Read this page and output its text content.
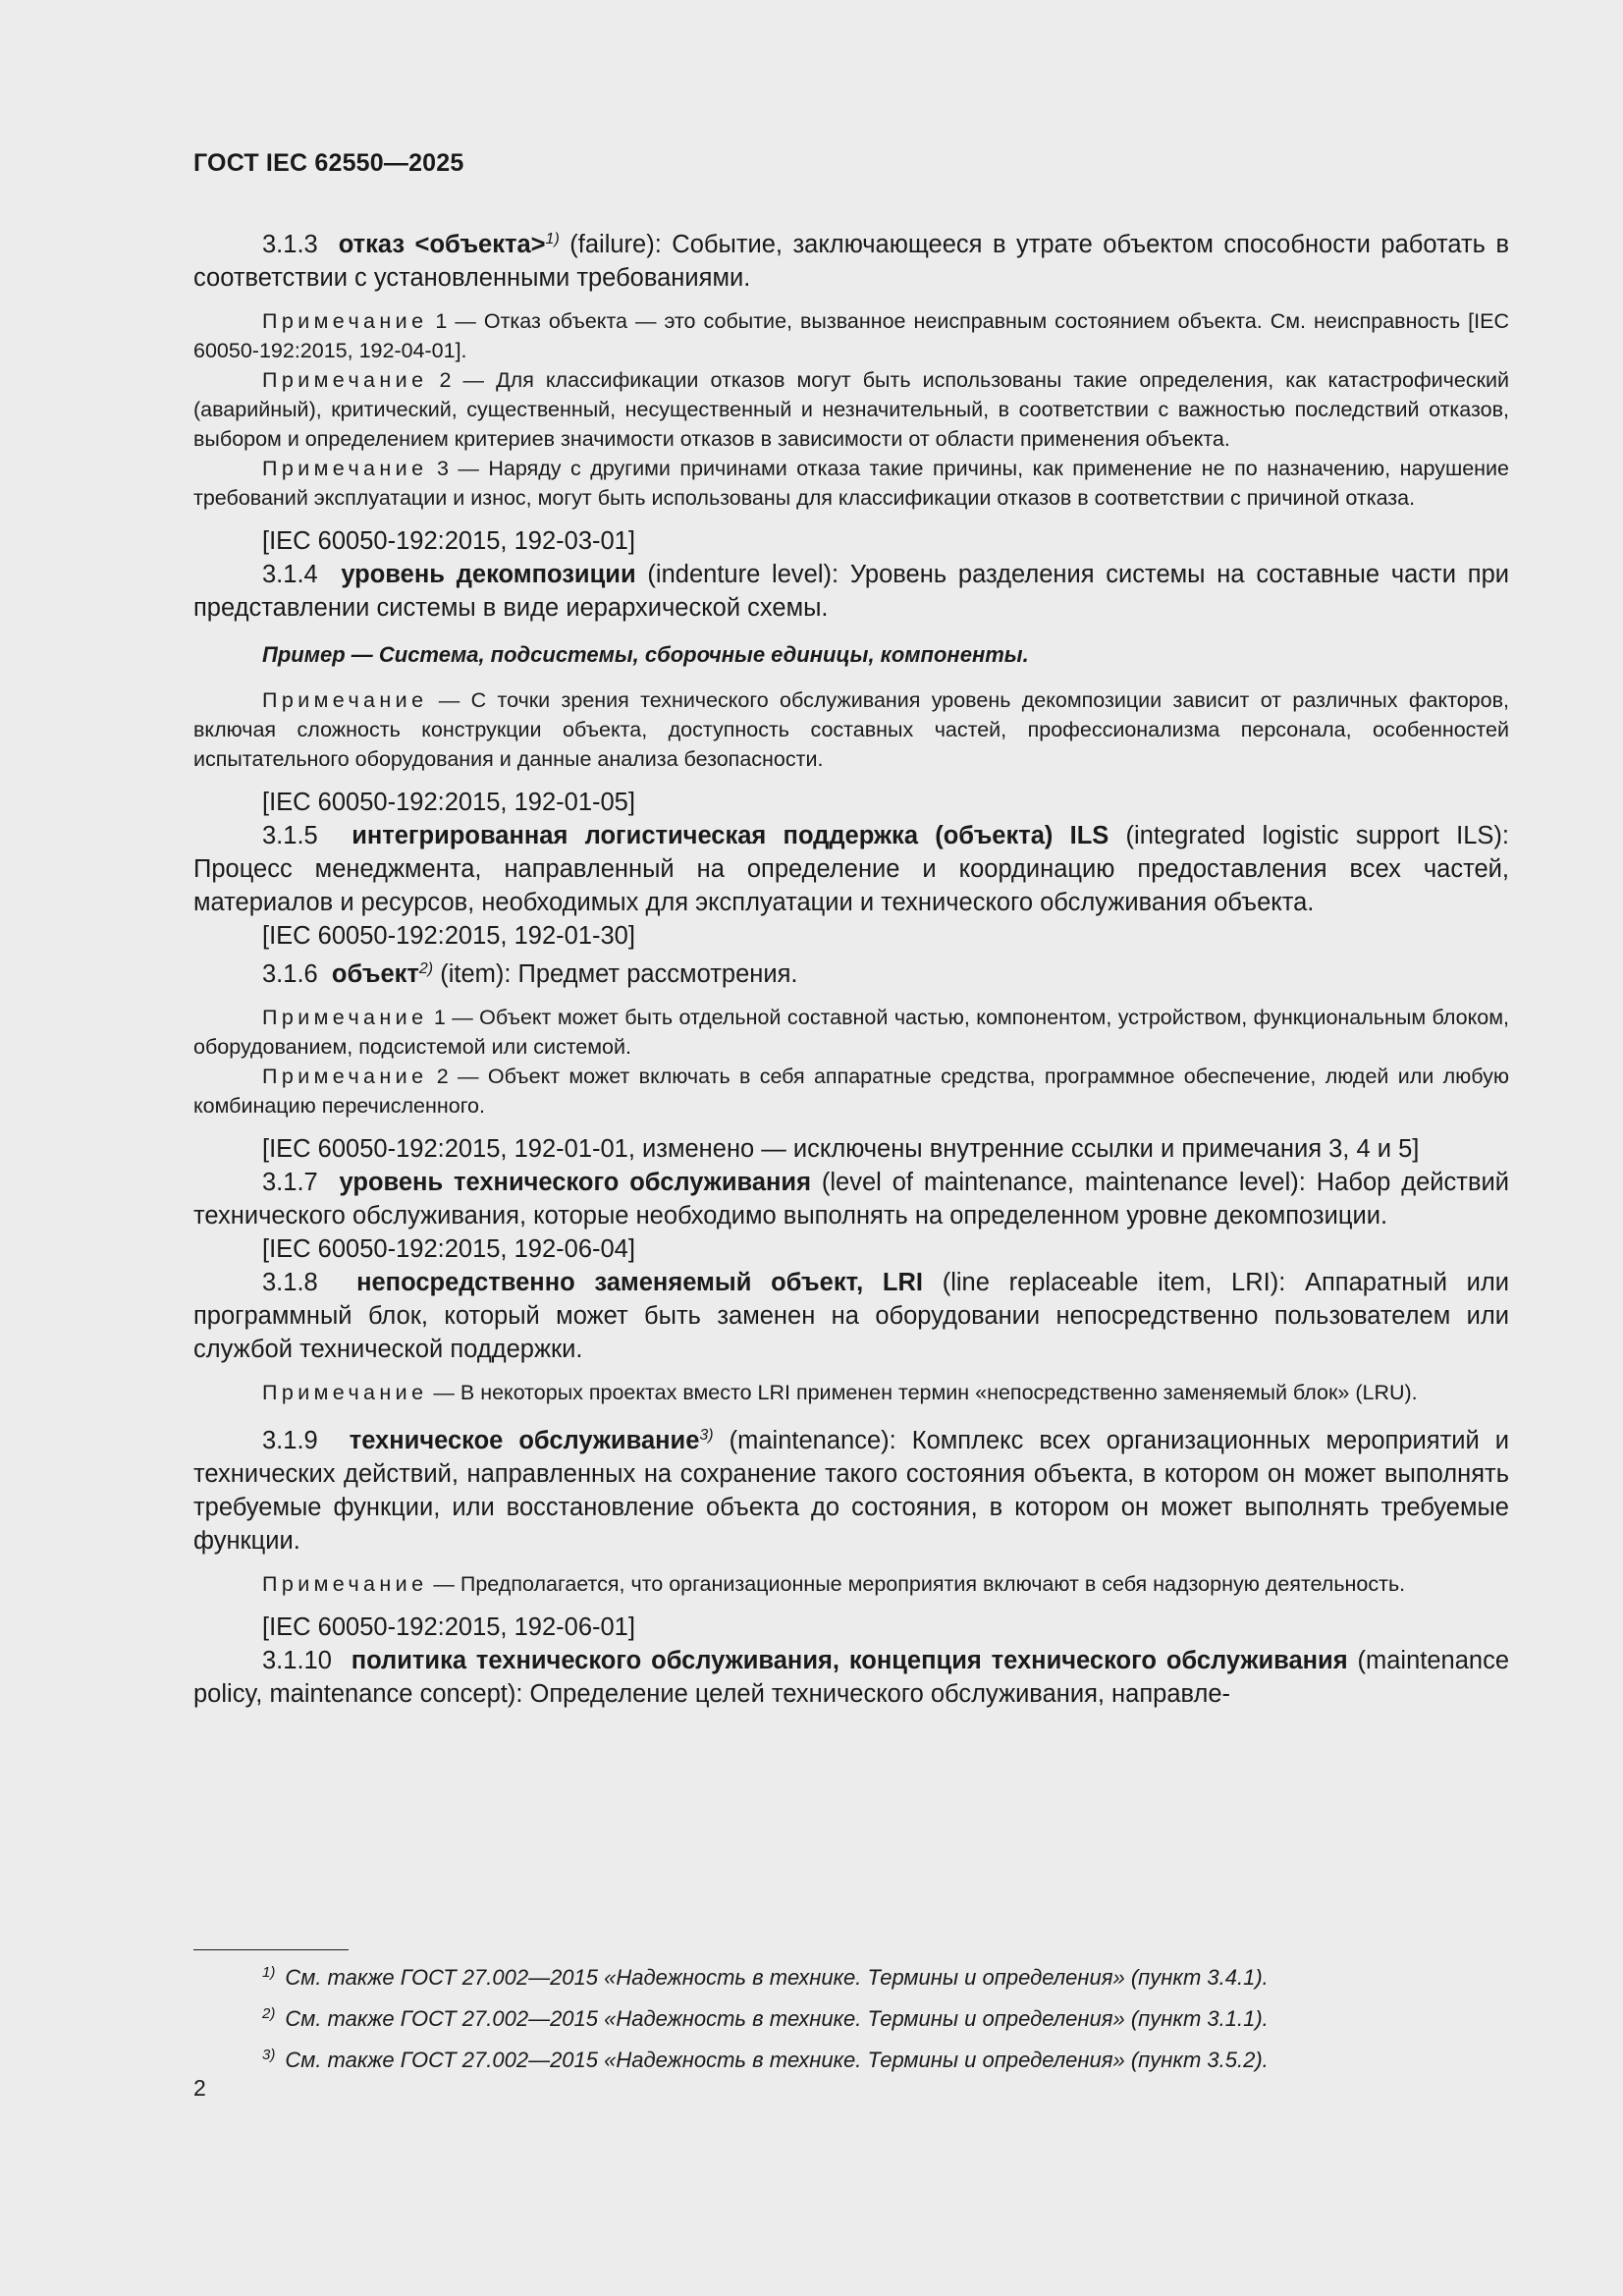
ГОСТ IEC 62550—2025

3.1.3 отказ <объекта>$^{1)}$ (failure): Событие, заключающееся в утрате объектом способности работать в соответствии с установленными требованиями.

Примечание 1 — Отказ объекта — это событие, вызванное неисправным состоянием объекта. См. неисправность [IEC 60050-192:2015, 192-04-01].

Примечание 2 — Для классификации отказов могут быть использованы такие определения, как катастрофический (аварийный), критический, существенный, несущественный и незначительный, в соответствии с важностью последствий отказов, выбором и определением критериев значимости отказов в зависимости от области применения объекта.

Примечание 3 — Наряду с другими причинами отказа такие причины, как применение не по назначению, нарушение требований эксплуатации и износ, могут быть использованы для классификации отказов в соответствии с причиной отказа.

[IEC 60050-192:2015, 192-03-01]

3.1.4 уровень декомпозиции (indenture level): Уровень разделения системы на составные части при представлении системы в виде иерархической схемы.

Пример — Система, подсистемы, сборочные единицы, компоненты.

Примечание — С точки зрения технического обслуживания уровень декомпозиции зависит от различных факторов, включая сложность конструкции объекта, доступность составных частей, профессионализма персонала, особенностей испытательного оборудования и данные анализа безопасности.

[IEC 60050-192:2015, 192-01-05]

3.1.5 интегрированная логистическая поддержка (объекта) ILS (integrated logistic support ILS): Процесс менеджмента, направленный на определение и координацию предоставления всех частей, материалов и ресурсов, необходимых для эксплуатации и технического обслуживания объекта.

[IEC 60050-192:2015, 192-01-30]

3.1.6 объект$^{2)}$ (item): Предмет рассмотрения.

Примечание 1 — Объект может быть отдельной составной частью, компонентом, устройством, функциональным блоком, оборудованием, подсистемой или системой.

Примечание 2 — Объект может включать в себя аппаратные средства, программное обеспечение, людей или любую комбинацию перечисленного.

[IEC 60050-192:2015, 192-01-01, изменено — исключены внутренние ссылки и примечания 3, 4 и 5]

3.1.7 уровень технического обслуживания (level of maintenance, maintenance level): Набор действий технического обслуживания, которые необходимо выполнять на определенном уровне декомпозиции.

[IEC 60050-192:2015, 192-06-04]

3.1.8 непосредственно заменяемый объект, LRI (line replaceable item, LRI): Аппаратный или программный блок, который может быть заменен на оборудовании непосредственно пользователем или службой технической поддержки.

Примечание — В некоторых проектах вместо LRI применен термин «непосредственно заменяемый блок» (LRU).

3.1.9 техническое обслуживание$^{3)}$ (maintenance): Комплекс всех организационных мероприятий и технических действий, направленных на сохранение такого состояния объекта, в котором он может выполнять требуемые функции, или восстановление объекта до состояния, в котором он может выполнять требуемые функции.

Примечание — Предполагается, что организационные мероприятия включают в себя надзорную деятельность.

[IEC 60050-192:2015, 192-06-01]

3.1.10 политика технического обслуживания, концепция технического обслуживания (maintenance policy, maintenance concept): Определение целей технического обслуживания, направле-

$^{1)}$ См. также ГОСТ 27.002—2015 «Надежность в технике. Термины и определения» (пункт 3.4.1).

$^{2)}$ См. также ГОСТ 27.002—2015 «Надежность в технике. Термины и определения» (пункт 3.1.1).

$^{3)}$ См. также ГОСТ 27.002—2015 «Надежность в технике. Термины и определения» (пункт 3.5.2).

2
